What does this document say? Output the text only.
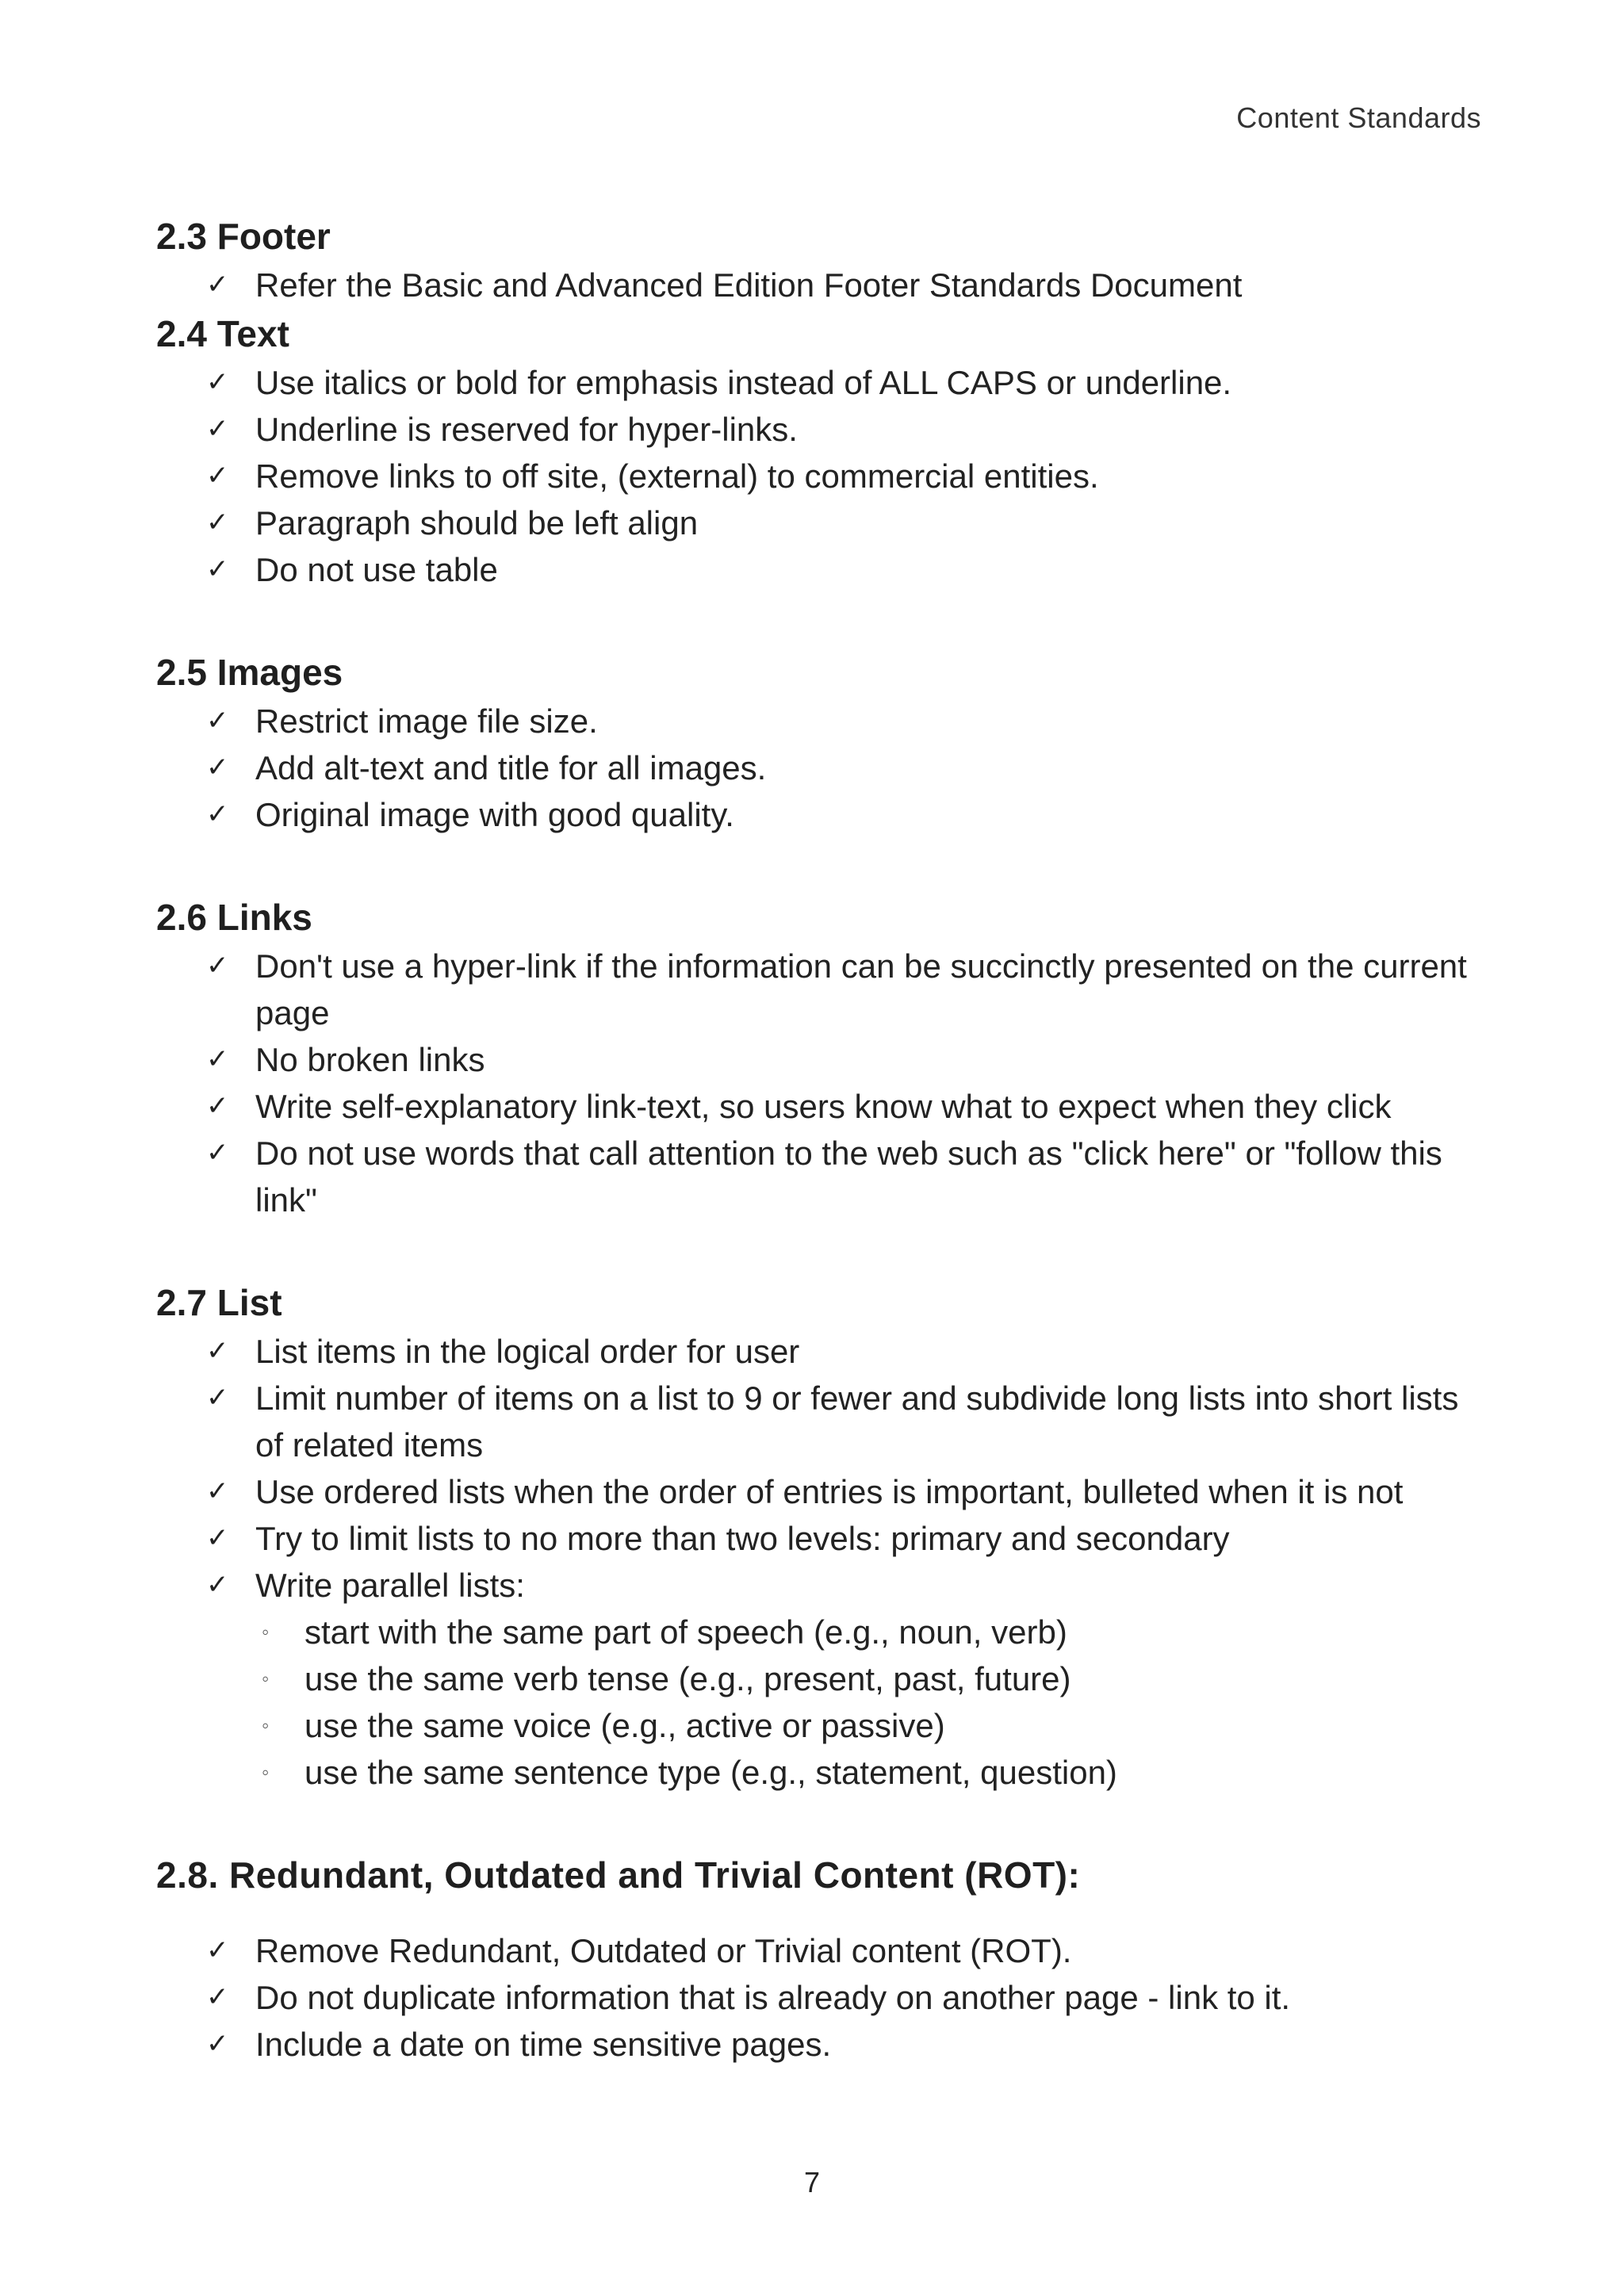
Content Standards
2.3 Footer
✓ Refer the Basic and Advanced Edition Footer Standards Document
2.4 Text
✓ Use italics or bold for emphasis instead of ALL CAPS or underline.
✓ Underline is reserved for hyper-links.
✓ Remove links to off site, (external) to commercial entities.
✓ Paragraph should be left align
✓ Do not use table
2.5 Images
✓ Restrict image file size.
✓ Add alt-text and title for all images.
✓ Original image with good quality.
2.6 Links
✓ Don't use a hyper-link if the information can be succinctly presented on the current page
✓ No broken links
✓ Write self-explanatory link-text, so users know what to expect when they click
✓ Do not use words that call attention to the web such as "click here" or "follow this link"
2.7 List
✓ List items in the logical order for user
✓ Limit number of items on a list to 9 or fewer and subdivide long lists into short lists of related items
✓ Use ordered lists when the order of entries is important, bulleted when it is not
✓ Try to limit lists to no more than two levels: primary and secondary
✓ Write parallel lists:
◦ start with the same part of speech (e.g., noun, verb)
◦ use the same verb tense (e.g., present, past, future)
◦ use the same voice (e.g., active or passive)
◦ use the same sentence type (e.g., statement, question)
2.8. Redundant, Outdated and Trivial Content (ROT):
✓ Remove Redundant, Outdated or Trivial content (ROT).
✓ Do not duplicate information that is already on another page - link to it.
✓ Include a date on time sensitive pages.
7
